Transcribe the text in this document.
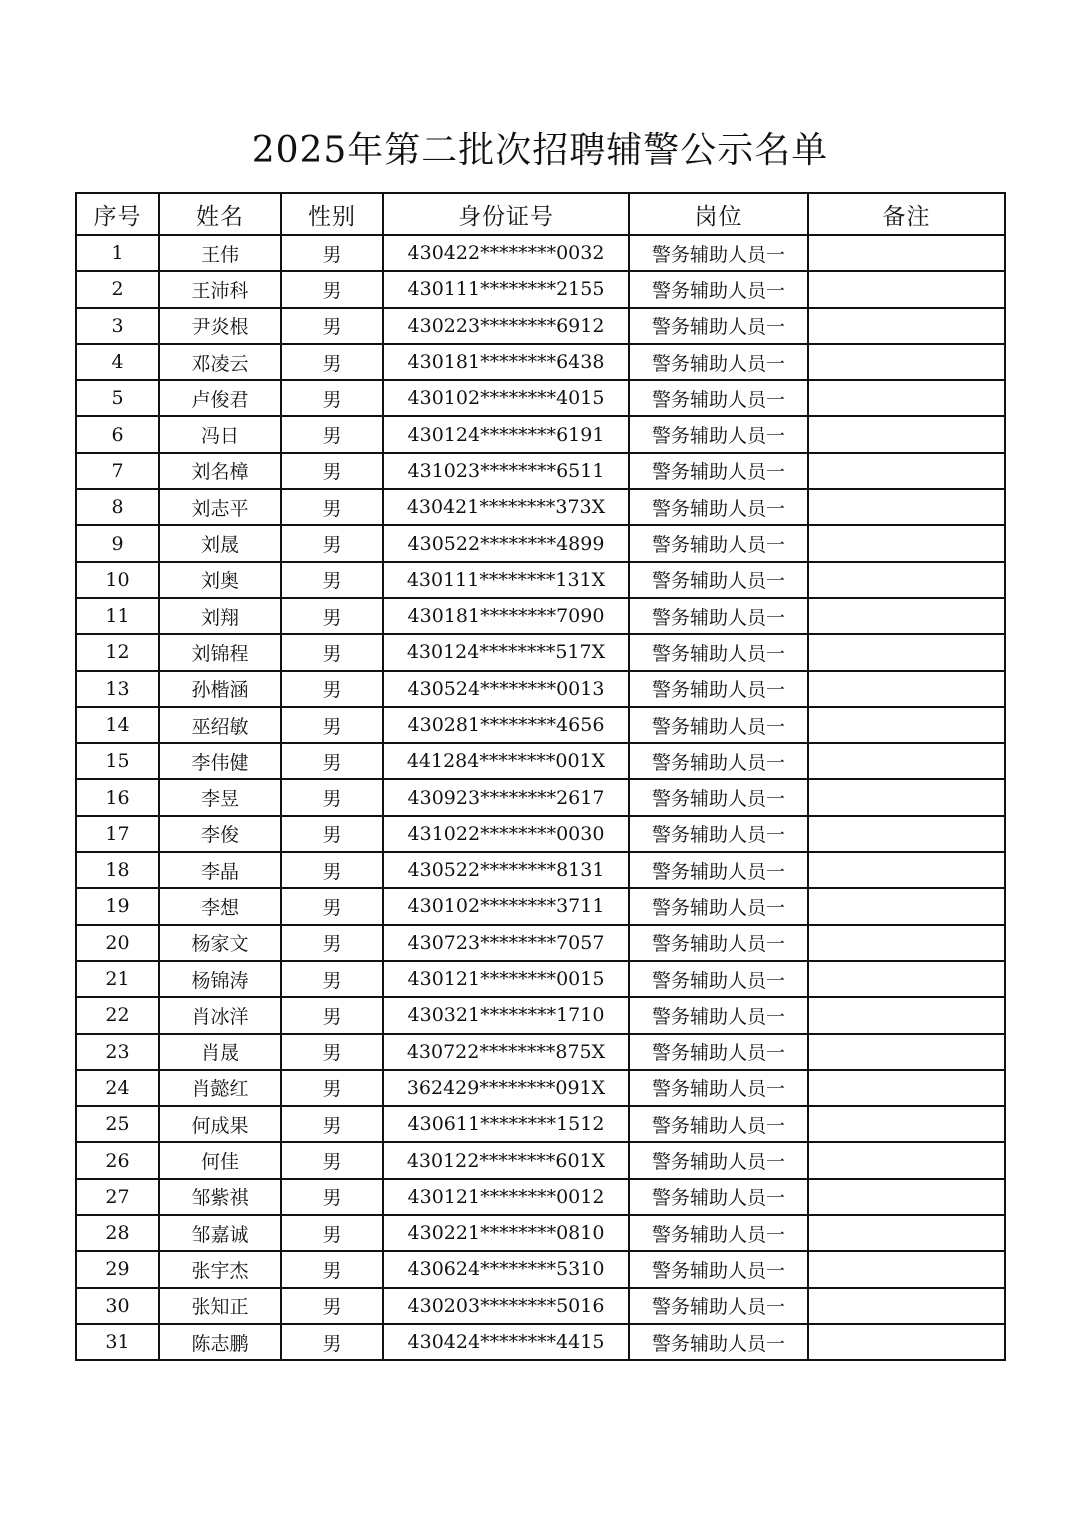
2025年第二批次招聘辅警公示名单
序号	姓名	性别	身份证号	岗位	备注
1	王伟	男	430422********0032	警务辅助人员一	
2	王沛科	男	430111********2155	警务辅助人员一	
3	尹炎根	男	430223********6912	警务辅助人员一	
4	邓凌云	男	430181********6438	警务辅助人员一	
5	卢俊君	男	430102********4015	警务辅助人员一	
6	冯日	男	430124********6191	警务辅助人员一	
7	刘名樟	男	431023********6511	警务辅助人员一	
8	刘志平	男	430421********373X	警务辅助人员一	
9	刘晟	男	430522********4899	警务辅助人员一	
10	刘奥	男	430111********131X	警务辅助人员一	
11	刘翔	男	430181********7090	警务辅助人员一	
12	刘锦程	男	430124********517X	警务辅助人员一	
13	孙楷涵	男	430524********0013	警务辅助人员一	
14	巫绍敏	男	430281********4656	警务辅助人员一	
15	李伟健	男	441284********001X	警务辅助人员一	
16	李昱	男	430923********2617	警务辅助人员一	
17	李俊	男	431022********0030	警务辅助人员一	
18	李晶	男	430522********8131	警务辅助人员一	
19	李想	男	430102********3711	警务辅助人员一	
20	杨家文	男	430723********7057	警务辅助人员一	
21	杨锦涛	男	430121********0015	警务辅助人员一	
22	肖冰洋	男	430321********1710	警务辅助人员一	
23	肖晟	男	430722********875X	警务辅助人员一	
24	肖懿红	男	362429********091X	警务辅助人员一	
25	何成果	男	430611********1512	警务辅助人员一	
26	何佳	男	430122********601X	警务辅助人员一	
27	邹紫祺	男	430121********0012	警务辅助人员一	
28	邹嘉诚	男	430221********0810	警务辅助人员一	
29	张宇杰	男	430624********5310	警务辅助人员一	
30	张知正	男	430203********5016	警务辅助人员一	
31	陈志鹏	男	430424********4415	警务辅助人员一	
